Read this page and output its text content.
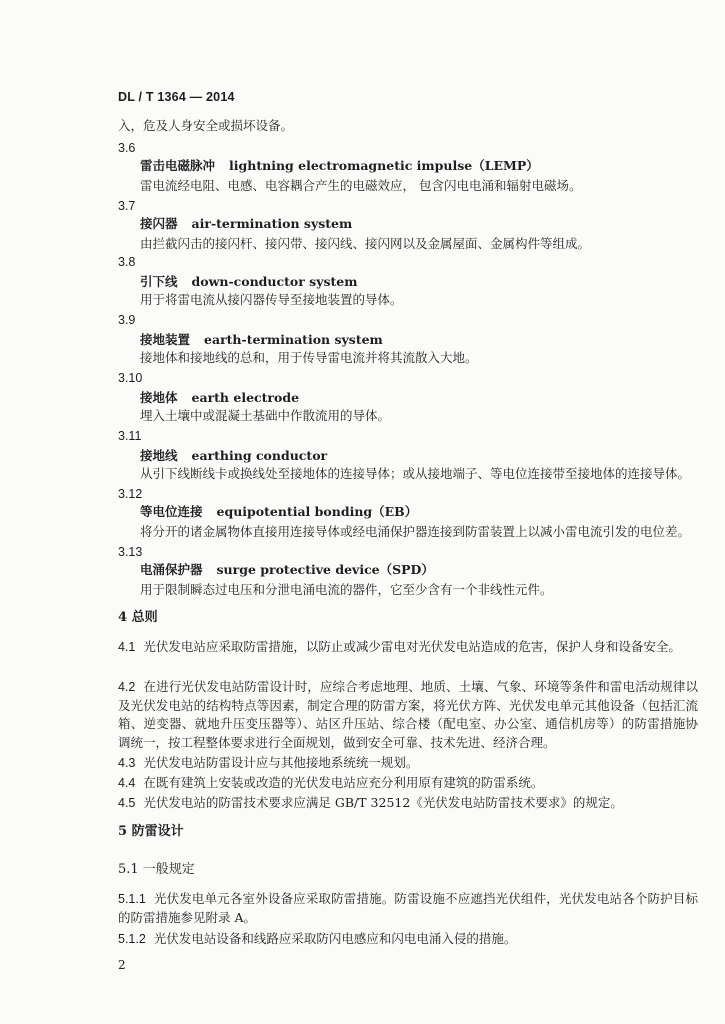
DL / T 1364 — 2014
入，危及人身安全或损坏设备。
3.6
雷击电磁脉冲 lightning electromagnetic impulse（LEMP）
雷电流经电阻、电感、电容耦合产生的电磁效应， 包含闪电电涌和辐射电磁场。
3.7
接闪器 air-termination system
由拦截闪击的接闪杆、接闪带、接闪线、接闪网以及金属屋面、金属构件等组成。
3.8
引下线 down-conductor system
用于将雷电流从接闪器传导至接地装置的导体。
3.9
接地装置 earth-termination system
接地体和接地线的总和，用于传导雷电流并将其流散入大地。
3.10
接地体 earth electrode
埋入土壤中或混凝土基础中作散流用的导体。
3.11
接地线 earthing conductor
从引下线断线卡或换线处至接地体的连接导体；或从接地端子、等电位连接带至接地体的连接导体。
3.12
等电位连接 equipotential bonding（EB）
将分开的诸金属物体直接用连接导体或经电涌保护器连接到防雷装置上以减小雷电流引发的电位差。
3.13
电涌保护器 surge protective device（SPD）
用于限制瞬态过电压和分泄电涌电流的器件，它至少含有一个非线性元件。
4 总则
4.1 光伏发电站应采取防雷措施，以防止或减少雷电对光伏发电站造成的危害，保护人身和设备安全。
4.2 在进行光伏发电站防雷设计时，应综合考虑地理、地质、土壤、气象、环境等条件和雷电活动规律以及光伏发电站的结构特点等因素，制定合理的防雷方案，将光伏方阵、光伏发电单元其他设备（包括汇流箱、逆变器、就地升压变压器等）、站区升压站、综合楼（配电室、办公室、通信机房等）的防雷措施协调统一，按工程整体要求进行全面规划，做到安全可靠、技术先进、经济合理。
4.3 光伏发电站防雷设计应与其他接地系统统一规划。
4.4 在既有建筑上安装或改造的光伏发电站应充分利用原有建筑的防雷系统。
4.5 光伏发电站的防雷技术要求应满足 GB/T 32512《光伏发电站防雷技术要求》的规定。
5 防雷设计
5.1 一般规定
5.1.1 光伏发电单元各室外设备应采取防雷措施。防雷设施不应遮挡光伏组件，光伏发电站各个防护目标的防雷措施参见附录 A。
5.1.2 光伏发电站设备和线路应采取防闪电感应和闪电电涌入侵的措施。
2
